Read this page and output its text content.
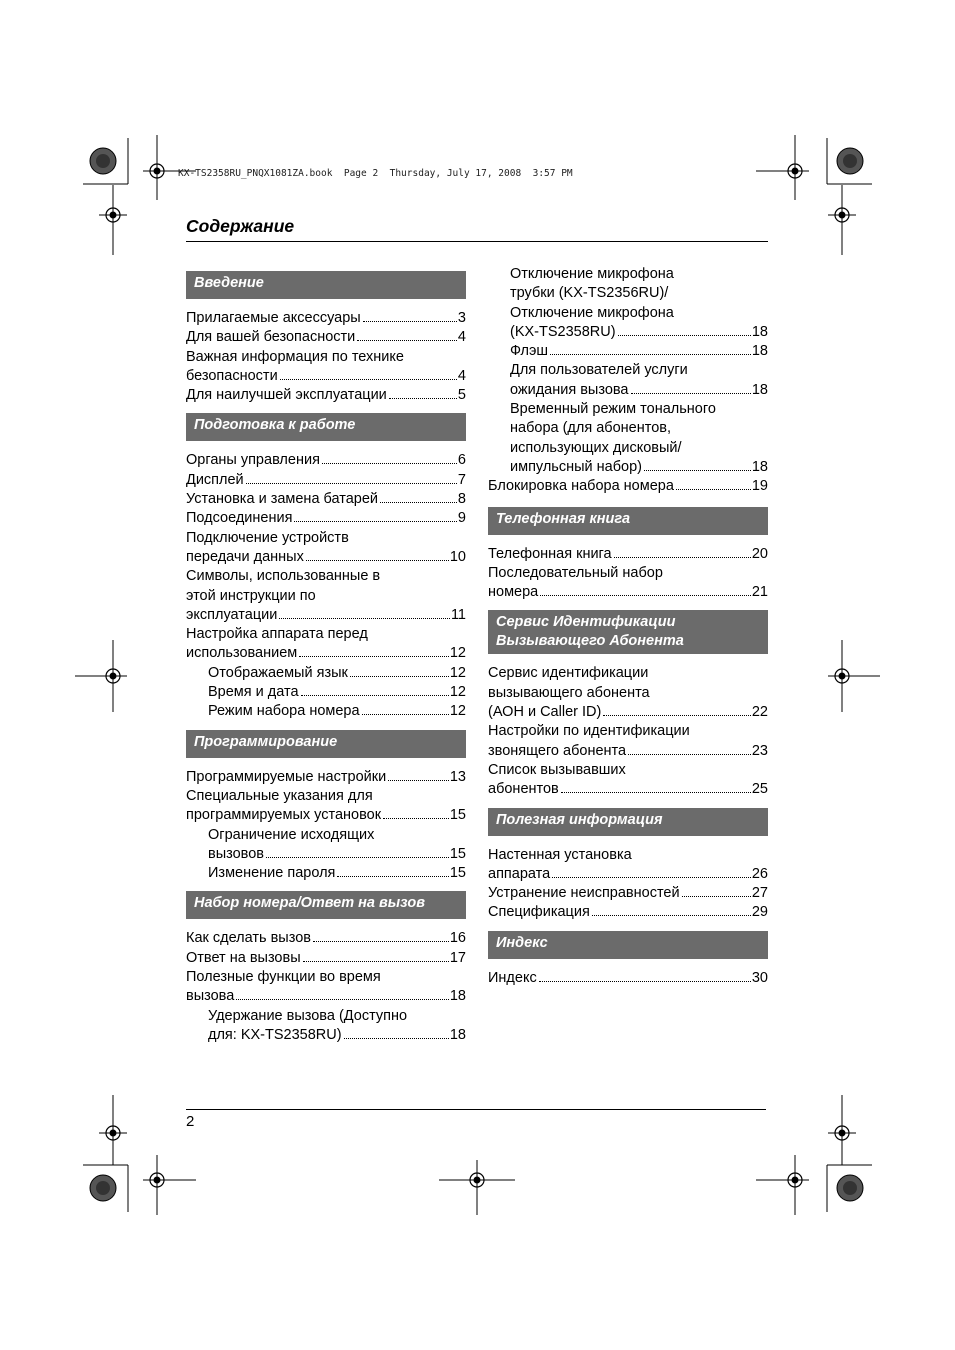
KX-TS2358RU_PNQX1081ZA.book  Page 2  Thursday, July 17, 2008  3:57 PM
Содержание
Введение
Прилагаемые аксессуары	3
Для вашей безопасности	4
Важная информация по технике
безопасности	4
Для наилучшей эксплуатации	5
Подготовка к работе
Органы управления	6
Дисплей	7
Установка и замена батарей	8
Подсоединения	9
Подключение устройств
передачи данных	10
Символы, использованные в
этой инструкции по
эксплуатации	11
Настройка аппарата перед
использованием	12
Отображаемый язык	12
Время и дата	12
Режим набора номера	12
Программирование
Программируемые настройки	13
Специальные указания для
программируемых установок	15
Ограничение исходящих
вызовов	15
Изменение пароля	15
Набор номера/Ответ на вызов
Как сделать вызов	16
Ответ на вызовы	17
Полезные функции во время
вызова	18
Удержание вызова (Доступно
для: KX-TS2358RU)	18
Отключение микрофона
трубки (KX-TS2356RU)/
Отключение микрофона
(KX-TS2358RU)	18
Флэш	18
Для пользователей услуги
ожидания вызова	18
Временный режим тонального
набора (для абонентов,
использующих дисковый/
импульсный набор)	18
Блокировка набора номера	19
Телефонная книга
Телефонная книга	20
Последовательный набор
номера	21
Сервис Идентификации
Вызывающего Абонента
Сервис идентификации
вызывающего абонента
(АОН и Caller ID)	22
Настройки по идентификации
звонящего абонента	23
Список вызывавших
абонентов	25
Полезная информация
Настенная установка
аппарата	26
Устранение неисправностей	27
Спецификация	29
Индекс
Индекс	30
2
